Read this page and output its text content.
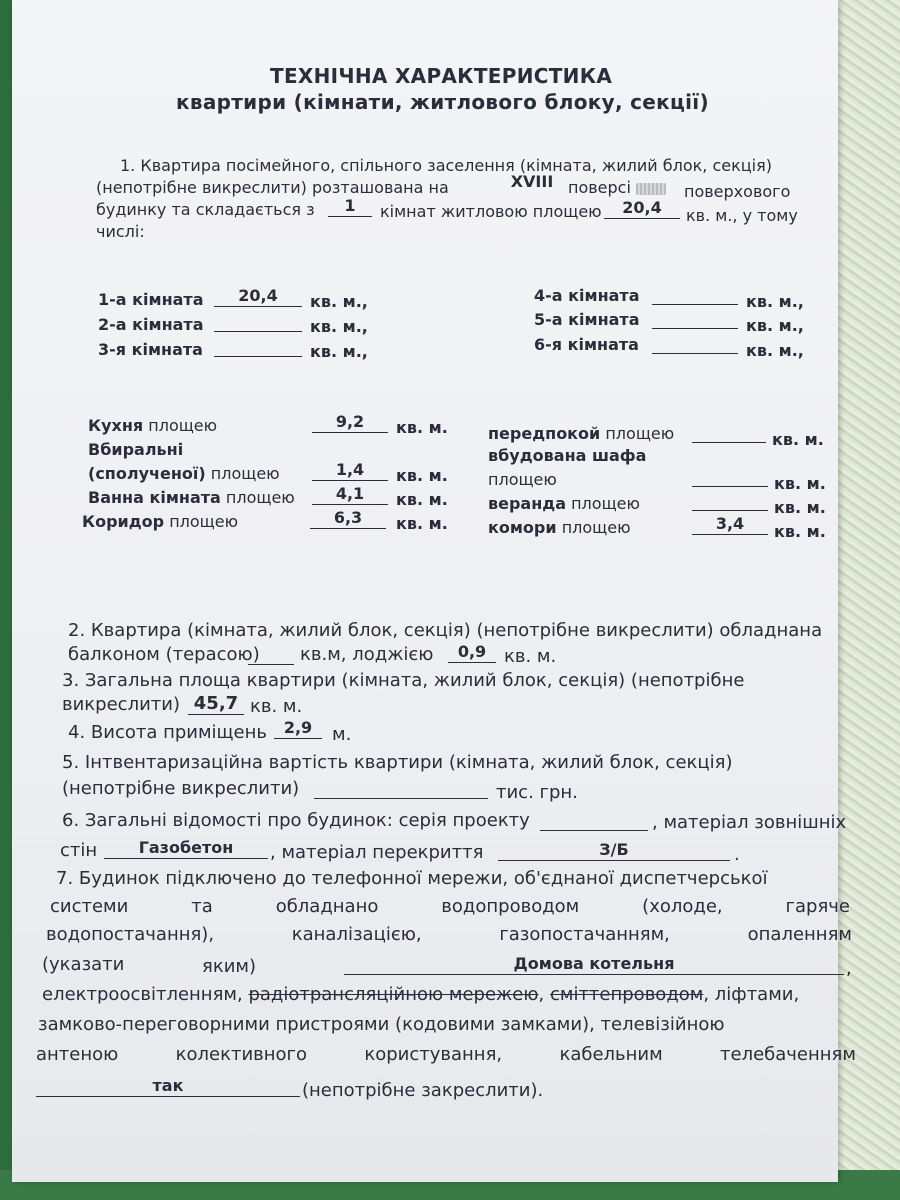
ТЕХНІЧНА ХАРАКТЕРИСТИКА
квартири (кімнати, житлового блоку, секції)
1. Квартира посімейного, спільного заселення (кімната, жилий блок, секція)
(непотрібне викреслити) розташована на	XVIII поверсі	поверхового
будинку та складається з	1	кімнат житловою площею	20,4	кв. м., у тому
числі:
1-а кімната	20,4	кв. м.,
2-а кімната	кв. м.,
3-я кімната	кв. м.,
4-а кімната	кв. м.,
5-а кімната	кв. м.,
6-я кімната	кв. м.,
Кухня площею	9,2	кв. м.
Вбиральні
(сполученої) площею	1,4	кв. м.
Ванна кімната площею	4,1	кв. м.
Коридор площею	6,3	кв. м.
передпокой площею	кв. м.
вбудована шафа
площею	кв. м.
веранда площею	кв. м.
комори площею	3,4	кв. м.
2. Квартира (кімната, жилий блок, секція) (непотрібне викреслити) обладнана
балконом (терасою) кв.м, лоджією	0,9 кв. м.
3. Загальна площа квартири (кімната, жилий блок, секція) (непотрібне
викреслити) 45,7 кв. м.
4. Висота приміщень	2,9	м.
5. Інтвентаризаційна вартість квартири (кімната, жилий блок, секція)
(непотрібне викреслити)	тис. грн.
6. Загальні відомості про будинок: серія проекту	, матеріал зовнішніх
стін	Газобетон	, матеріал перекриття	З/Б	.
7. Будинок підключено до телефонної мережи, об'єднаної диспетчерської
системи	та	обладнано	водопроводом	(холоде,	гаряче
водопостачання),	каналізацією,	газопостачанням,	опаленням
(указати	яким)	Домова котельня	,
електроосвітленням, радіотрансляційною мережею, сміттепроводом, ліфтами,
замково-переговорними пристроями (кодовими замками), телевізійною
антеною	колективного	користування,	кабельним	телебаченням
так	(непотрібне закреслити).
